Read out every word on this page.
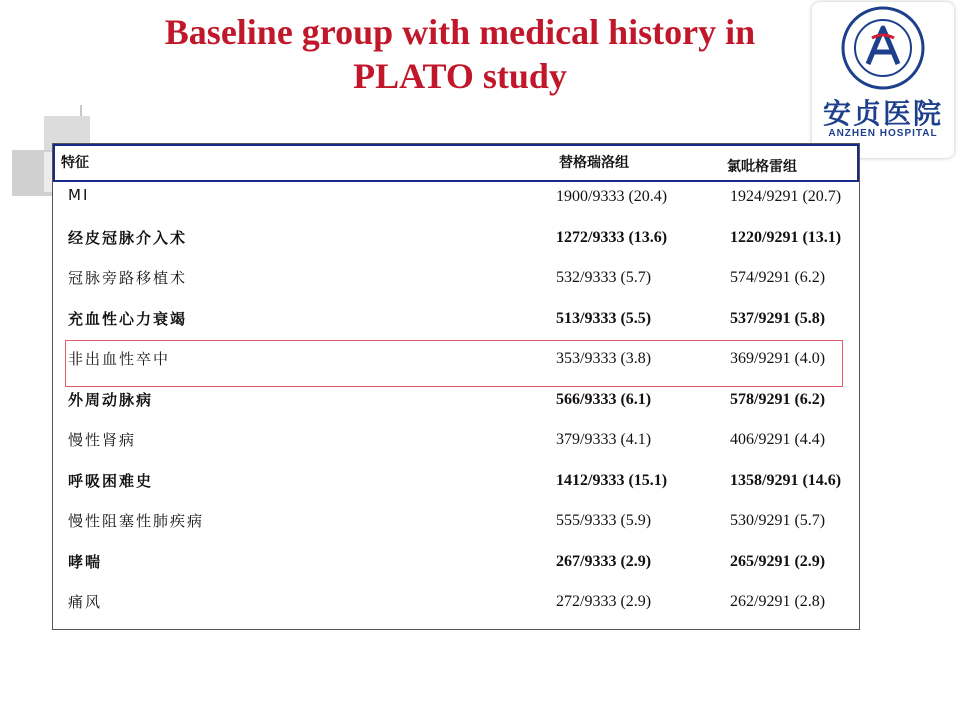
Baseline group with medical history in
PLATO study
安贞医院
ANZHEN HOSPITAL
特征	替格瑞洛组	氯吡格雷组
MI	1900/9333 (20.4)	1924/9291 (20.7)
经皮冠脉介入术	1272/9333 (13.6)	1220/9291 (13.1)
冠脉旁路移植术	532/9333 (5.7)	574/9291 (6.2)
充血性心力衰竭	513/9333 (5.5)	537/9291 (5.8)
非出血性卒中	353/9333 (3.8)	369/9291 (4.0)
外周动脉病	566/9333 (6.1)	578/9291 (6.2)
慢性肾病	379/9333 (4.1)	406/9291 (4.4)
呼吸困难史	1412/9333 (15.1)	1358/9291 (14.6)
慢性阻塞性肺疾病	555/9333 (5.9)	530/9291 (5.7)
哮喘	267/9333 (2.9)	265/9291 (2.9)
痛风	272/9333 (2.9)	262/9291 (2.8)
